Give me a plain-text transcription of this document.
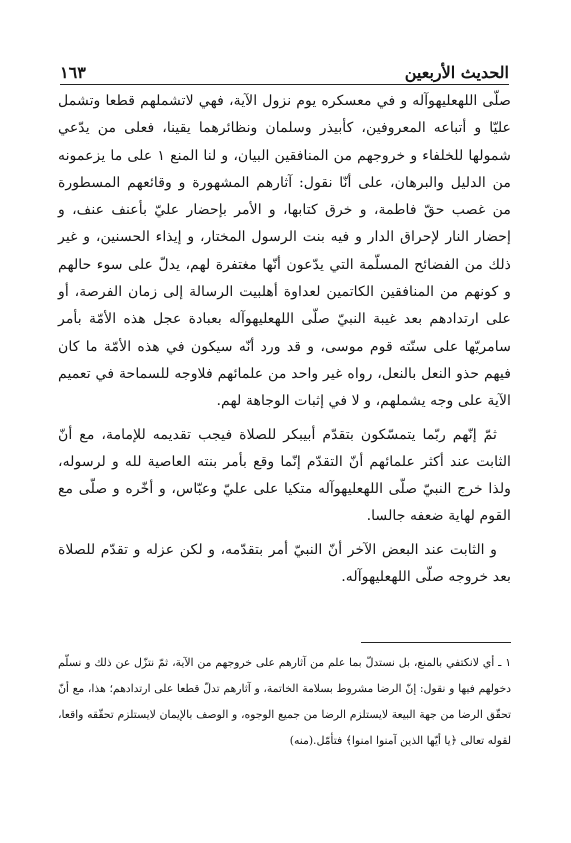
الحديث الأربعين
١٦٣

صلّى اللهعليهوآله و في معسكره يوم نزول الآية، فهي لاتشملهم قطعا وتشمل عليّا و أتباعه المعروفين، كأبيذر وسلمان ونظائرهما يقينا، فعلى من يدّعي شمولها للخلفاء و خروجهم من المنافقين البيان، و لنا المنع ١ على ما يزعمونه من الدليل والبرهان، على أنّا نقول: آثارهم المشهورة و وقائعهم المسطورة من غصب حقّ فاطمة، و خرق كتابها، و الأمر بإحضار عليّ بأعنف عنف، و إحضار النار لإحراق الدار و فيه بنت الرسول المختار، و إيذاء الحسنين، و غير ذلك من الفضائح المسلّمة التي يدّعون أنّها مغتفرة لهم، يدلّ على سوء حالهم و كونهم من المنافقين الكاتمين لعداوة أهلبيت الرسالة إلى زمان الفرصة، أو على ارتدادهم بعد غيبة النبيّ صلّى اللهعليهوآله بعبادة عجل هذه الأمّة بأمر سامريّها على سنّته قوم موسى، و قد ورد أنّه سيكون في هذه الأمّة ما كان فيهم حذو النعل بالنعل، رواه غير واحد من علمائهم فلاوجه للسماحة في تعميم الآية على وجه يشملهم، و لا في إثبات الوجاهة لهم.

ثمّ إنّهم ربّما يتمسّكون بتقدّم أبيبكر للصلاة فيجب تقديمه للإمامة، مع أنّ الثابت عند أكثر علمائهم أنّ التقدّم إنّما وقع بأمر بنته العاصية لله و لرسوله، ولذا خرج النبيّ صلّى اللهعليهوآله متكيا على عليّ وعبّاس، و أخّره و صلّى مع القوم لهاية ضعفه جالسا.

و الثابت عند البعض الآخر أنّ النبيّ أمر بتقدّمه، و لكن عزله و تقدّم للصلاة بعد خروجه صلّى اللهعليهوآله.

١ ـ أي لانكتفي بالمنع، بل نستدلّ بما علم من آثارهم على خروجهم من الآية، ثمّ نتزّل عن ذلك و نسلّم دخولهم فيها و نقول: إنّ الرضا مشروط بسلامة الخاتمة، و آثارهم تدلّ قطعا على ارتدادهم؛ هذا، مع أنّ تحقّق الرضا من جهة البيعة لايستلزم الرضا من جميع الوجوه، و الوصف بالإيمان لايستلزم تحقّقه واقعا، لقوله تعالى ﴿يا أيّها الذين آمنوا امنوا﴾ فتأمّل.(منه)
